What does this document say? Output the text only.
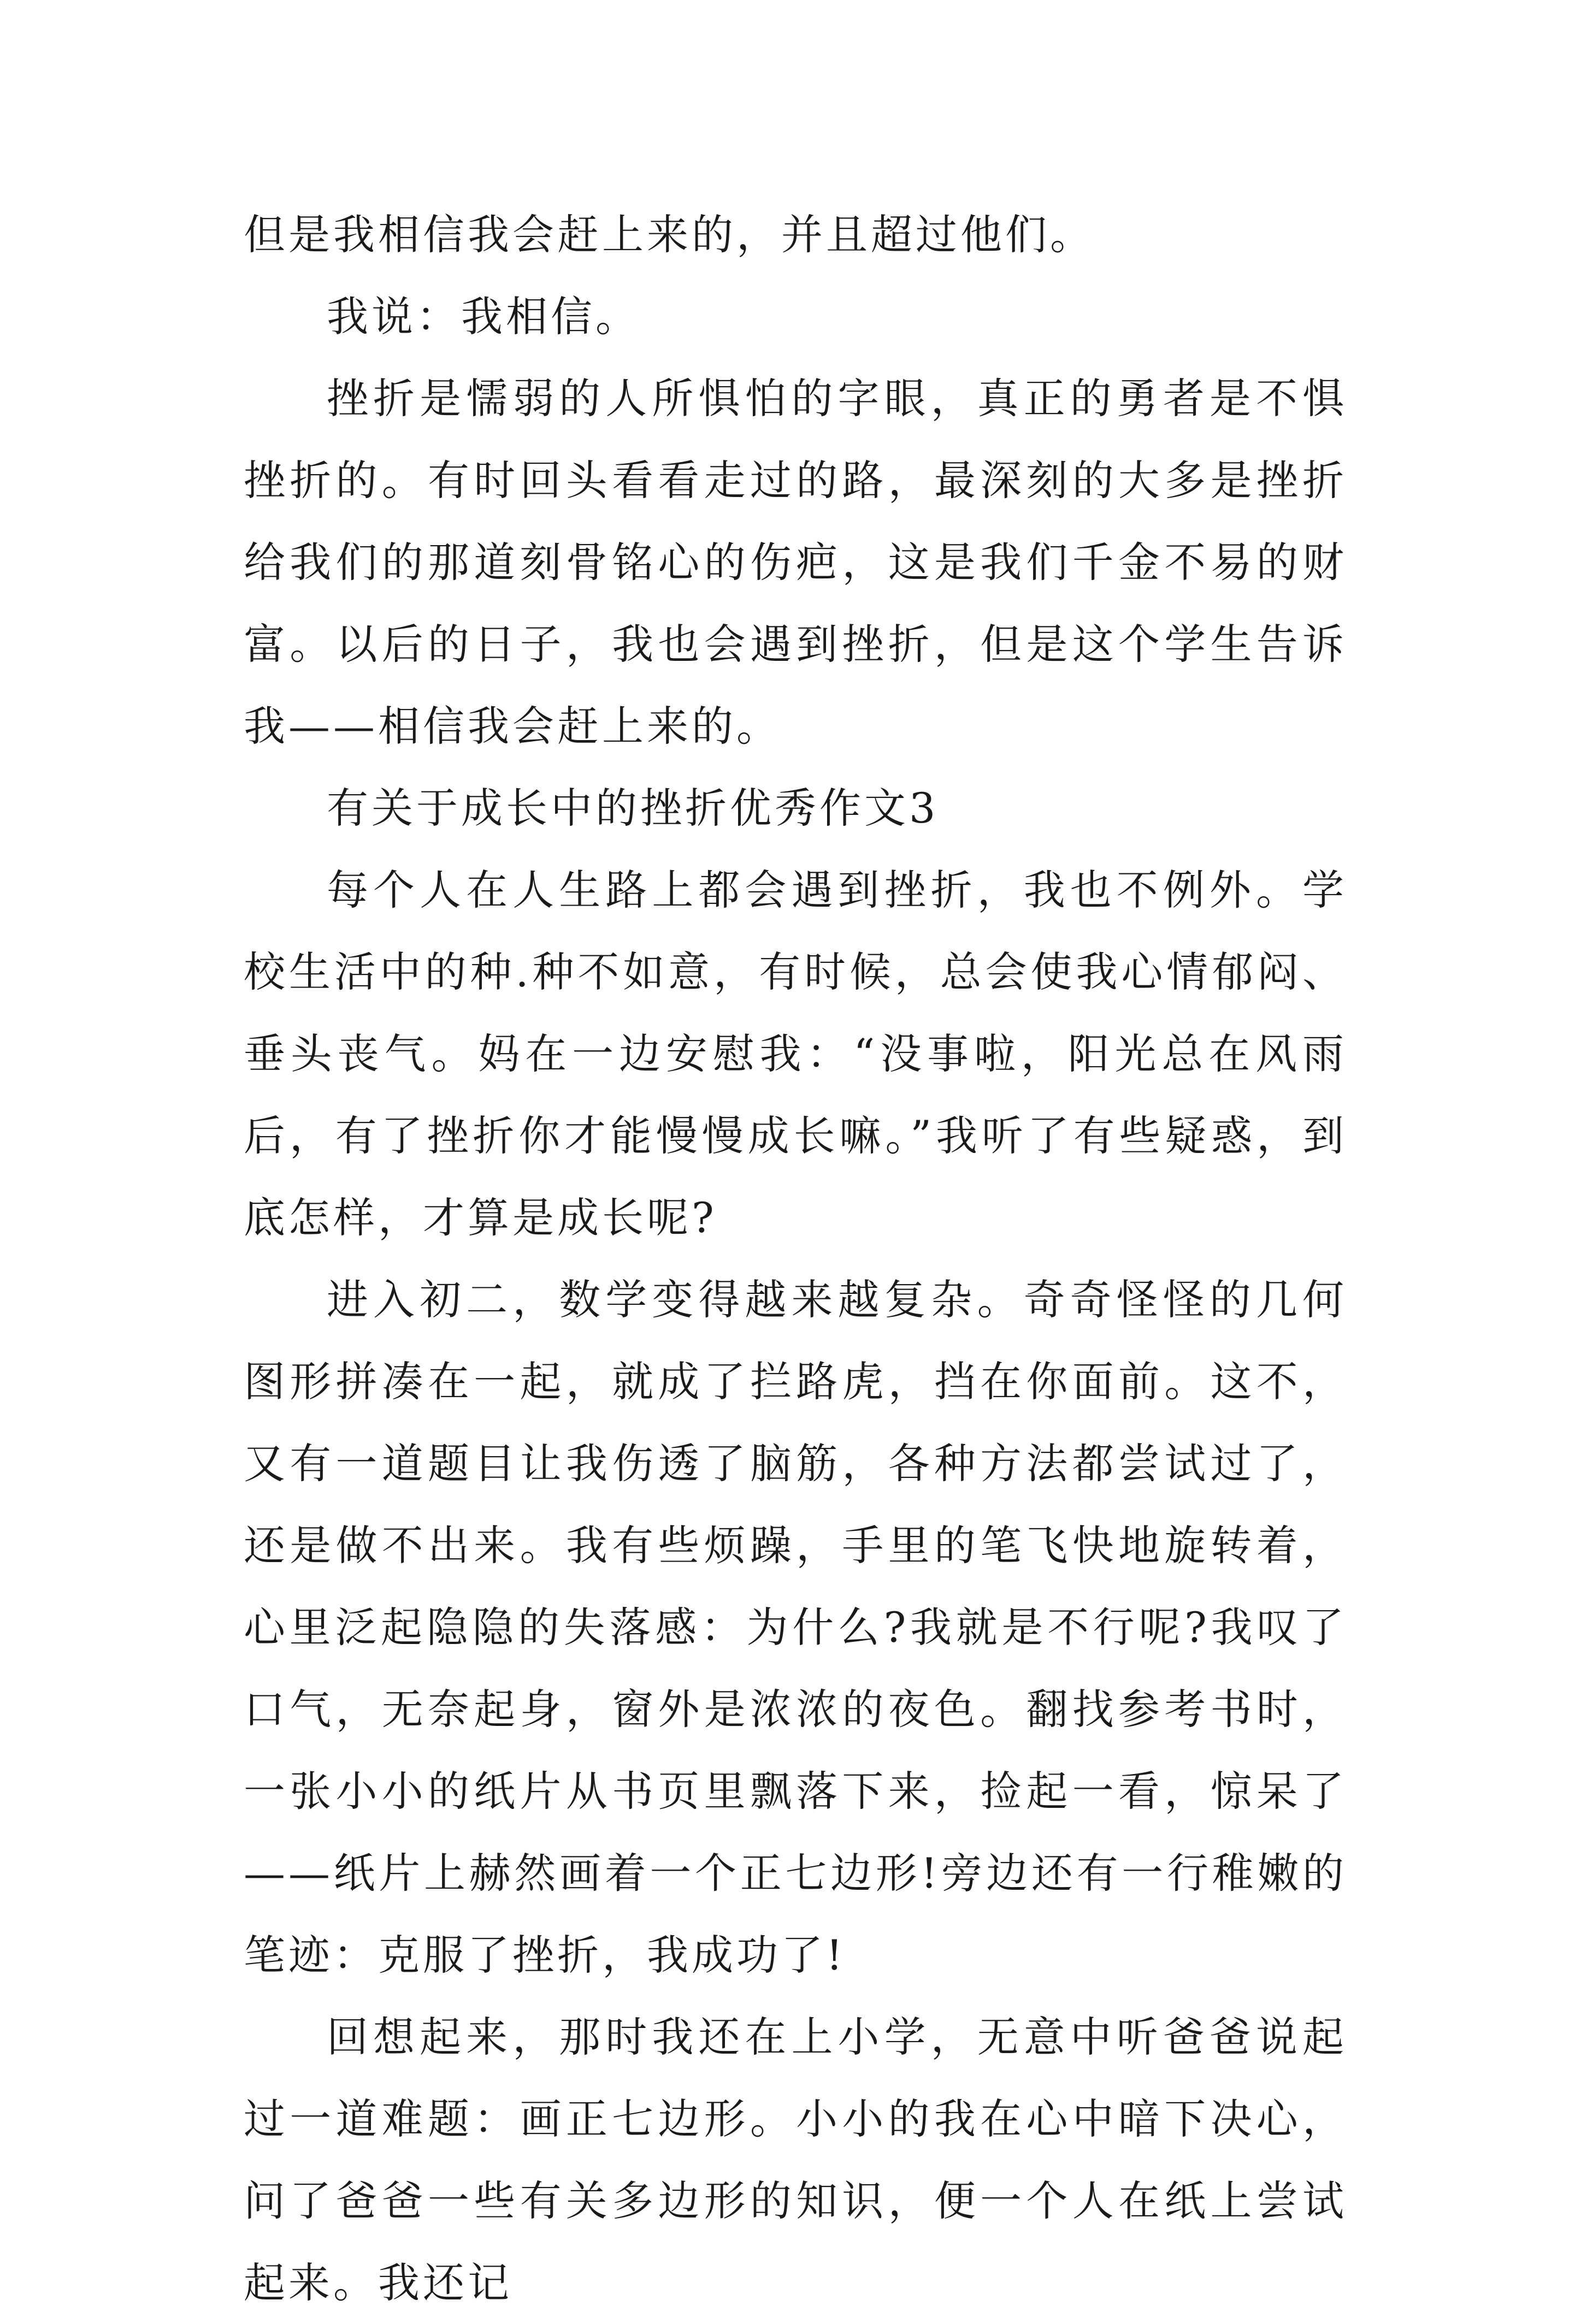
但是我相信我会赶上来的，并且超过他们。

我说：我相信。

挫折是懦弱的人所惧怕的字眼，真正的勇者是不惧挫折的。有时回头看看走过的路，最深刻的大多是挫折给我们的那道刻骨铭心的伤疤，这是我们千金不易的财富。以后的日子，我也会遇到挫折，但是这个学生告诉我——相信我会赶上来的。

有关于成长中的挫折优秀作文3

每个人在人生路上都会遇到挫折，我也不例外。学校生活中的种.种不如意，有时候，总会使我心情郁闷、垂头丧气。妈在一边安慰我：“没事啦，阳光总在风雨后，有了挫折你才能慢慢成长嘛。”我听了有些疑惑，到底怎样，才算是成长呢?

进入初二，数学变得越来越复杂。奇奇怪怪的几何图形拼凑在一起，就成了拦路虎，挡在你面前。这不，又有一道题目让我伤透了脑筋，各种方法都尝试过了，还是做不出来。我有些烦躁，手里的笔飞快地旋转着，心里泛起隐隐的失落感：为什么?我就是不行呢?我叹了口气，无奈起身，窗外是浓浓的夜色。翻找参考书时，一张小小的纸片从书页里飘落下来，捡起一看，惊呆了——纸片上赫然画着一个正七边形!旁边还有一行稚嫩的笔迹：克服了挫折，我成功了!

回想起来，那时我还在上小学，无意中听爸爸说起过一道难题：画正七边形。小小的我在心中暗下决心，问了爸爸一些有关多边形的知识，便一个人在纸上尝试起来。我还记
